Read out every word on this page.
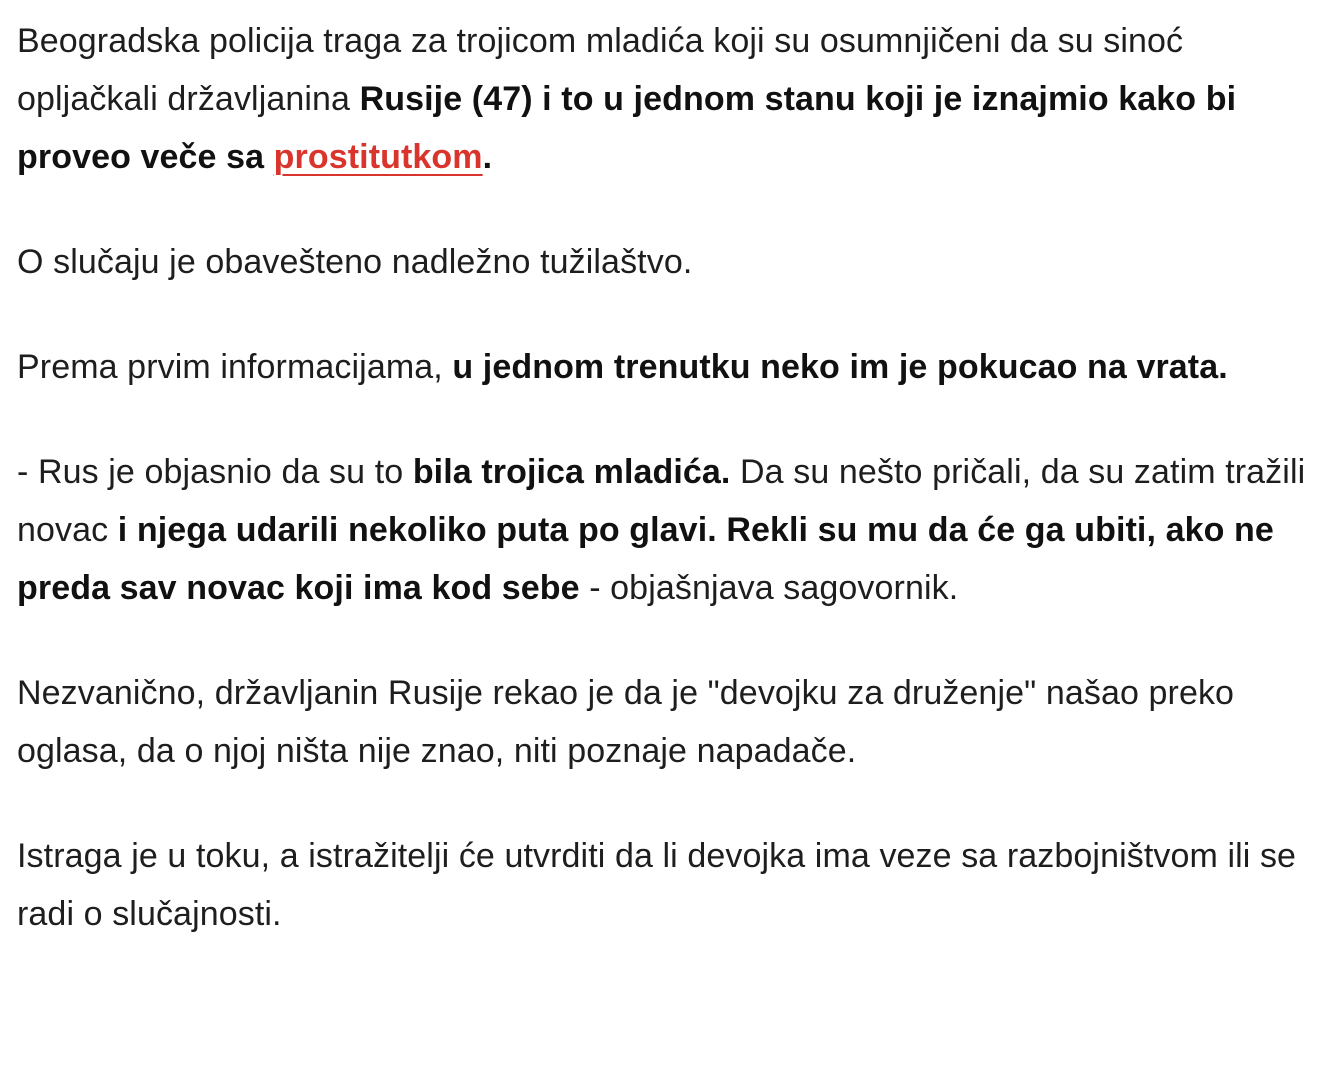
Beogradska policija traga za trojicom mladića koji su osumnjičeni da su sinoć opljačkali državljanina Rusije (47) i to u jednom stanu koji je iznajmio kako bi proveo veče sa prostitutkom.

O slučaju je obavešteno nadležno tužilaštvo.

Prema prvim informacijama, u jednom trenutku neko im je pokucao na vrata.

- Rus je objasnio da su to bila trojica mladića. Da su nešto pričali, da su zatim tražili novac i njega udarili nekoliko puta po glavi. Rekli su mu da će ga ubiti, ako ne preda sav novac koji ima kod sebe - objašnjava sagovornik.

Nezvanično, državljanin Rusije rekao je da je "devojku za druženje" našao preko oglasa, da o njoj ništa nije znao, niti poznaje napadače.

Istraga je u toku, a istražitelji će utvrditi da li devojka ima veze sa razbojništvom ili se radi o slučajnosti.
